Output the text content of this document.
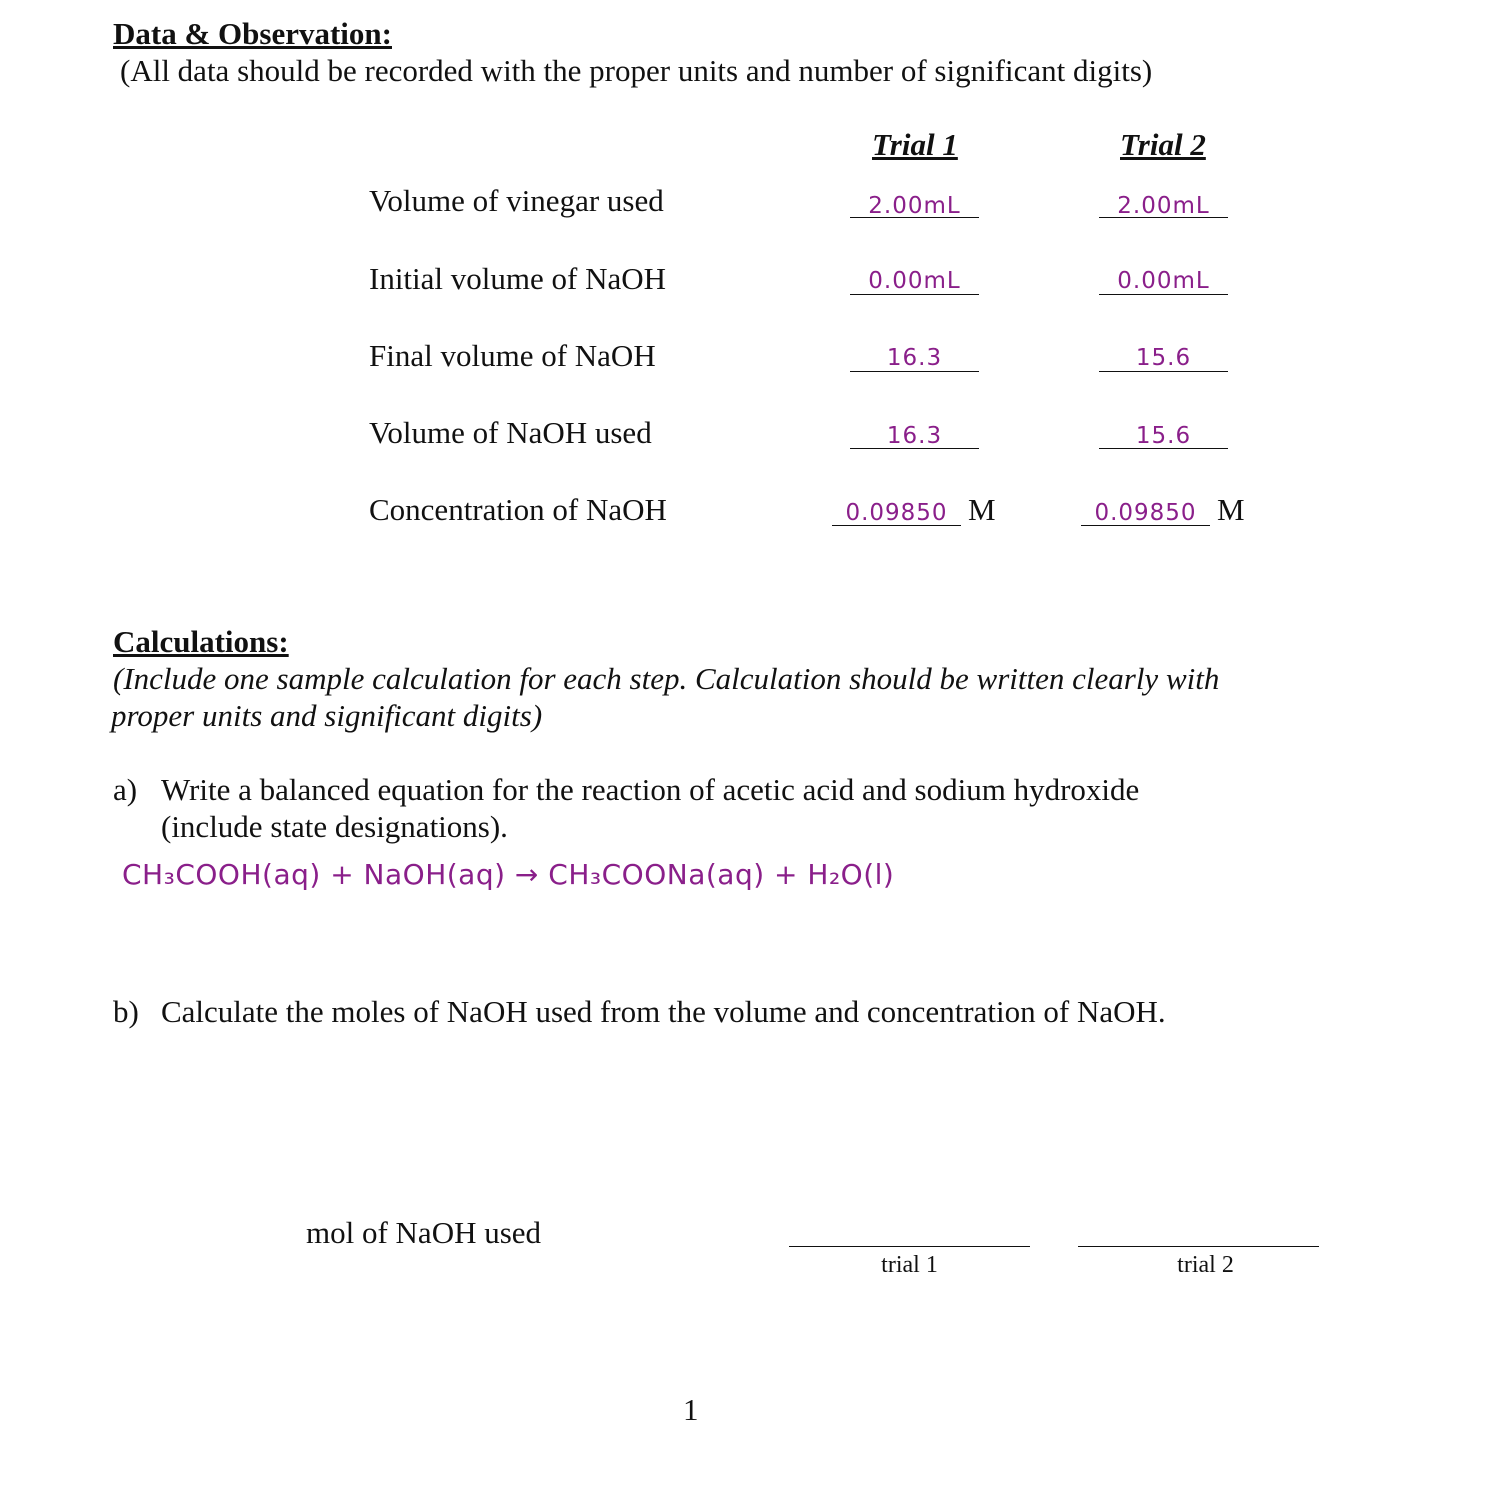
Data & Observation:
(All data should be recorded with the proper units and number of significant digits)
Trial 1	Trial 2
Volume of vinegar used	2.00mL	2.00mL
Initial volume of NaOH	0.00mL	0.00mL
Final volume of NaOH	16.3	15.6
Volume of NaOH used	16.3	15.6
Concentration of NaOH	0.09850 M	0.09850 M
Calculations:
(Include one sample calculation for each step. Calculation should be written clearly with
proper units and significant digits)
a) Write a balanced equation for the reaction of acetic acid and sodium hydroxide
(include state designations).
CH₃COOH(aq) + NaOH(aq) → CH₃COONa(aq) + H₂O(l)
b) Calculate the moles of NaOH used from the volume and concentration of NaOH.
mol of NaOH used
trial 1	trial 2
1
